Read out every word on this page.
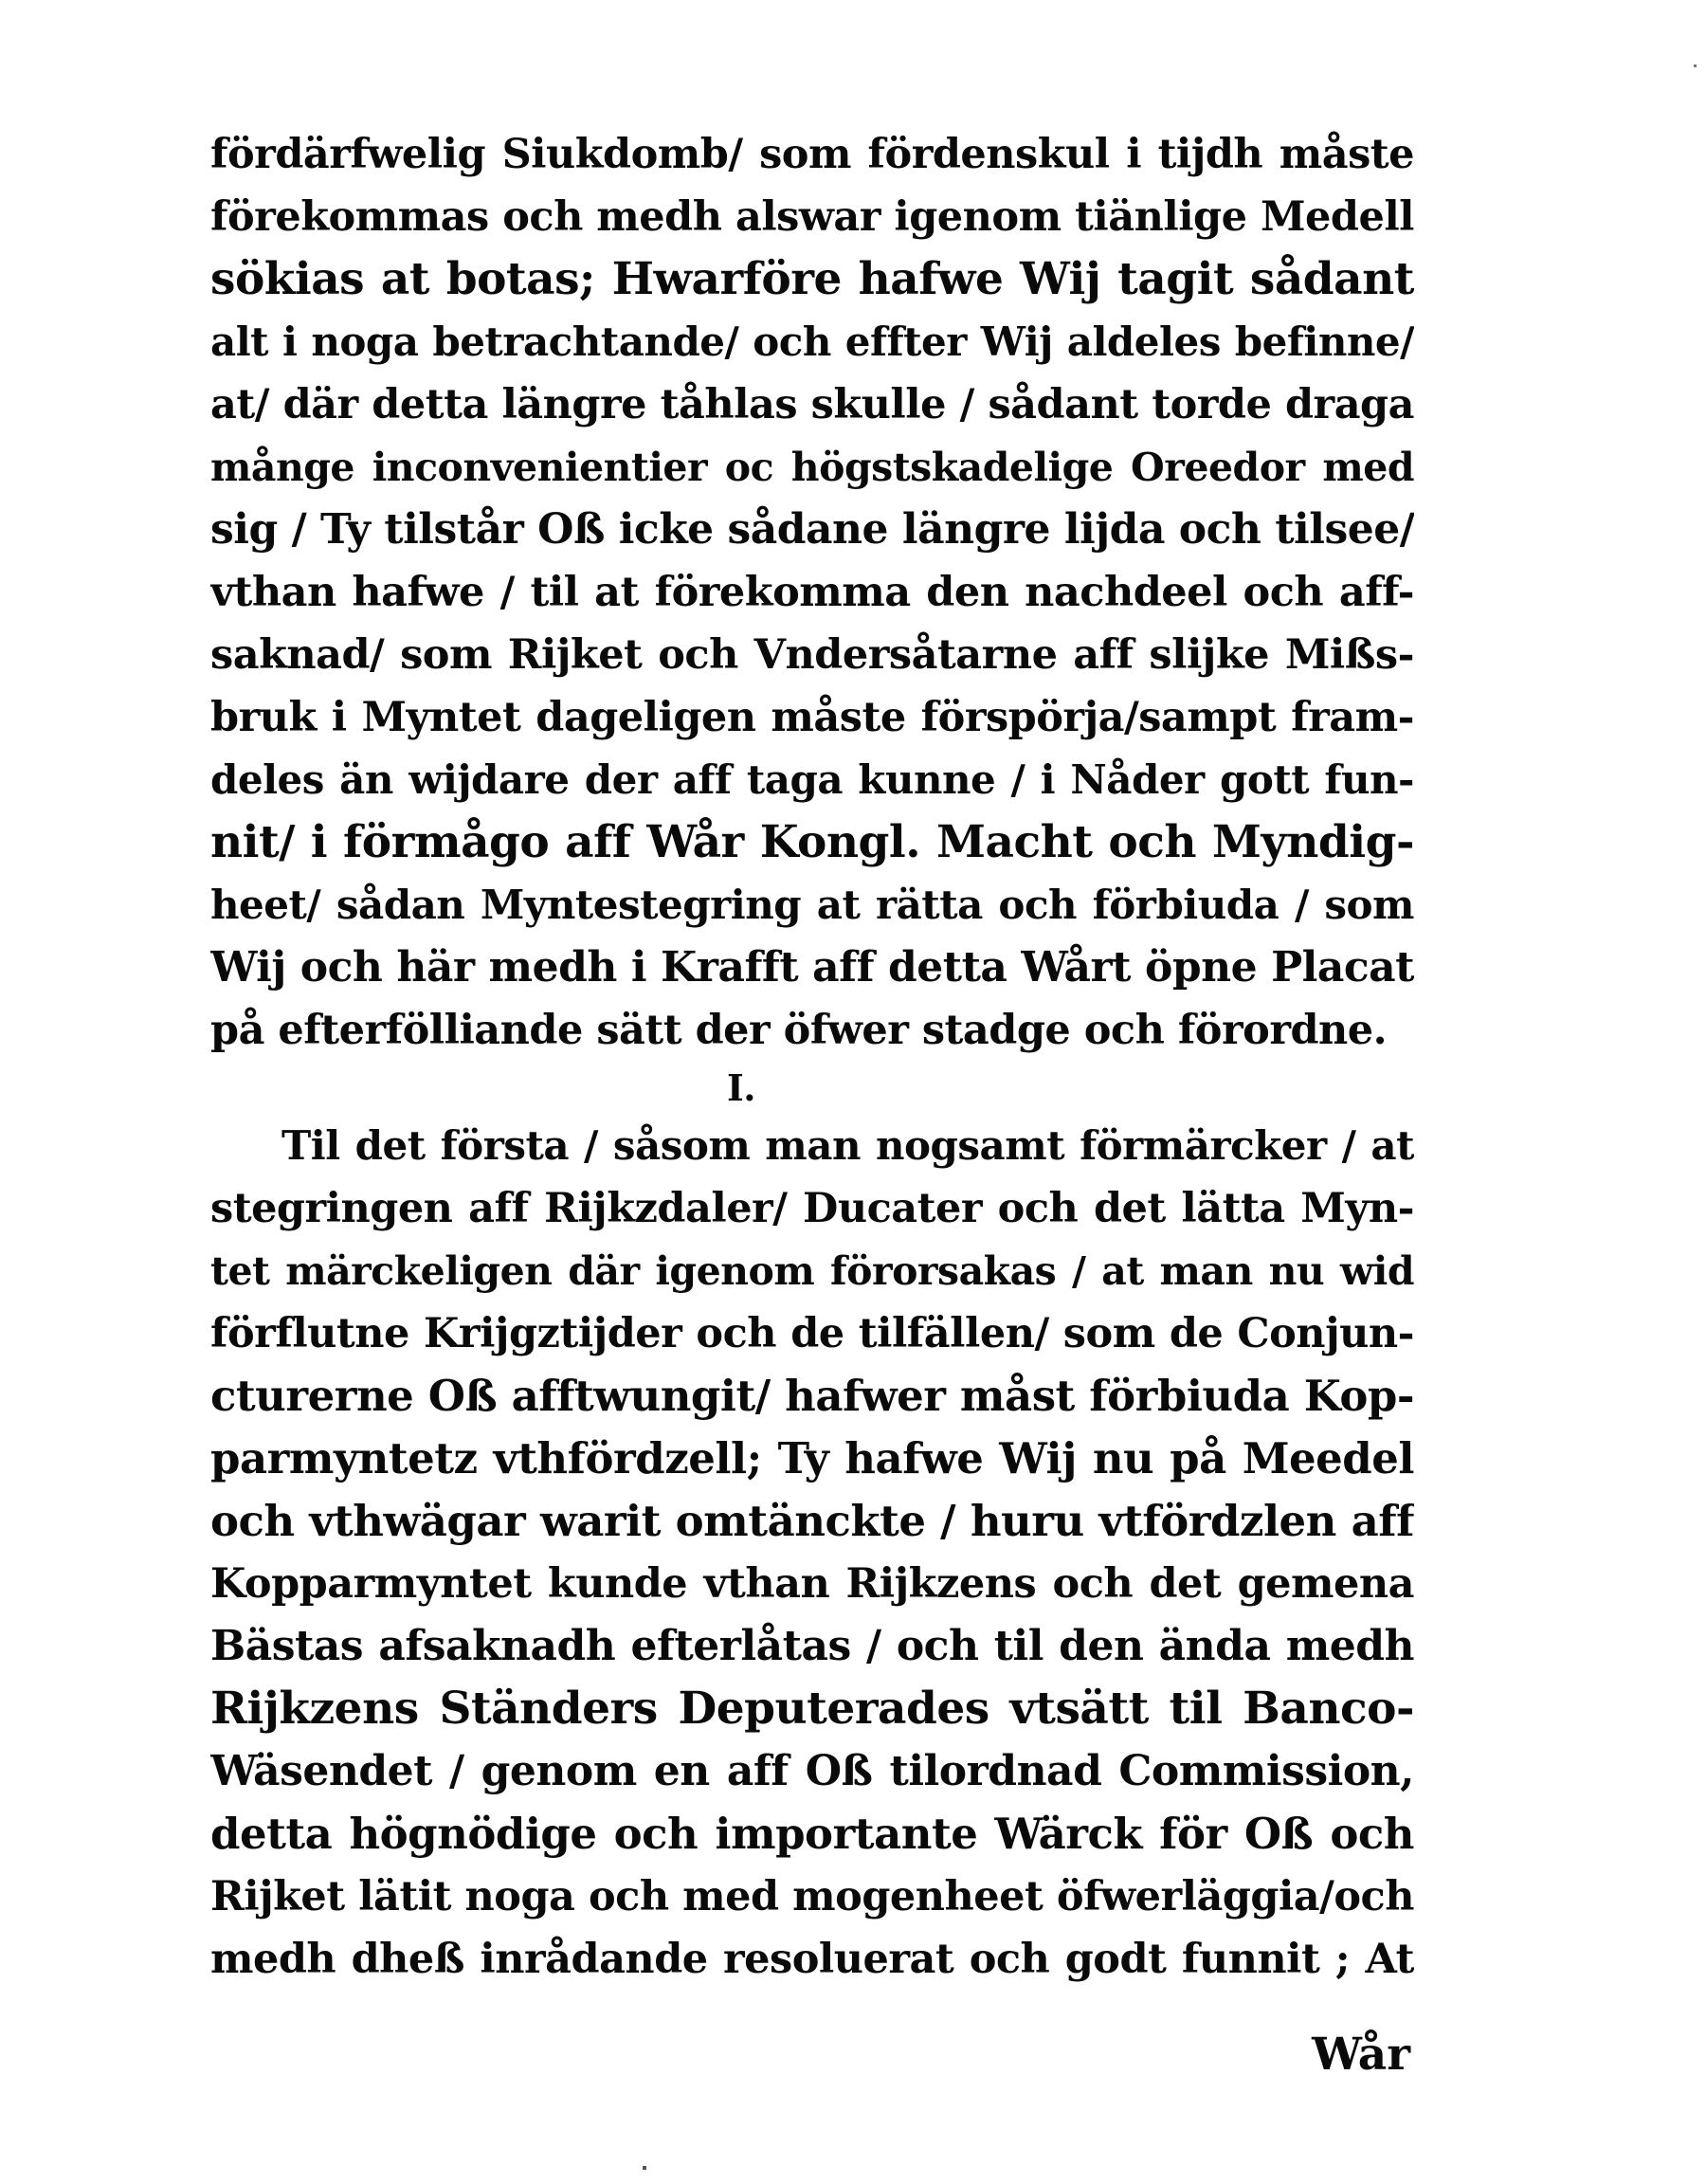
fördärfwelig Siukdomb/ som fördenskul i tijdh måste
förekommas och medh alswar igenom tiänlige Medell
sökias at botas; Hwarföre hafwe Wij tagit sådant
alt i noga betrachtande/ och effter Wij aldeles befinne/
at/ där detta längre tåhlas skulle / sådant torde draga
månge inconvenientier oc högstskadelige Oreedor med
sig / Ty tilstår Oß icke sådane längre lijda och tilsee/
vthan hafwe / til at förekomma den nachdeel och aff-
saknad/ som Rijket och Vndersåtarne aff slijke Mißs-
bruk i Myntet dageligen måste förspörja/sampt fram-
deles än wijdare der aff taga kunne / i Nåder gott fun-
nit/ i förmågo aff Wår Kongl. Macht och Myndig-
heet/ sådan Myntestegring at rätta och förbiuda / som
Wij och här medh i Krafft aff detta Wårt öpne Placat
på efterfölliande sätt der öfwer stadge och förordne.
I.
Til det första / såsom man nogsamt förmärcker / at
stegringen aff Rijkzdaler/ Ducater och det lätta Myn-
tet märckeligen där igenom förorsakas / at man nu wid
förflutne Krijgztijder och de tilfällen/ som de Conjun-
cturerne Oß afftwungit/ hafwer måst förbiuda Kop-
parmyntetz vthfördzell; Ty hafwe Wij nu på Meedel
och vthwägar warit omtänckte / huru vtfördzlen aff
Kopparmyntet kunde vthan Rijkzens och det gemena
Bästas afsaknadh efterlåtas / och til den ända medh
Rijkzens Ständers Deputerades vtsätt til Banco-
Wäsendet / genom en aff Oß tilordnad Commission,
detta högnödige och importante Wärck för Oß och
Rijket lätit noga och med mogenheet öfwerläggia/och
medh dheß inrådande resoluerat och godt funnit ; At
Wår
